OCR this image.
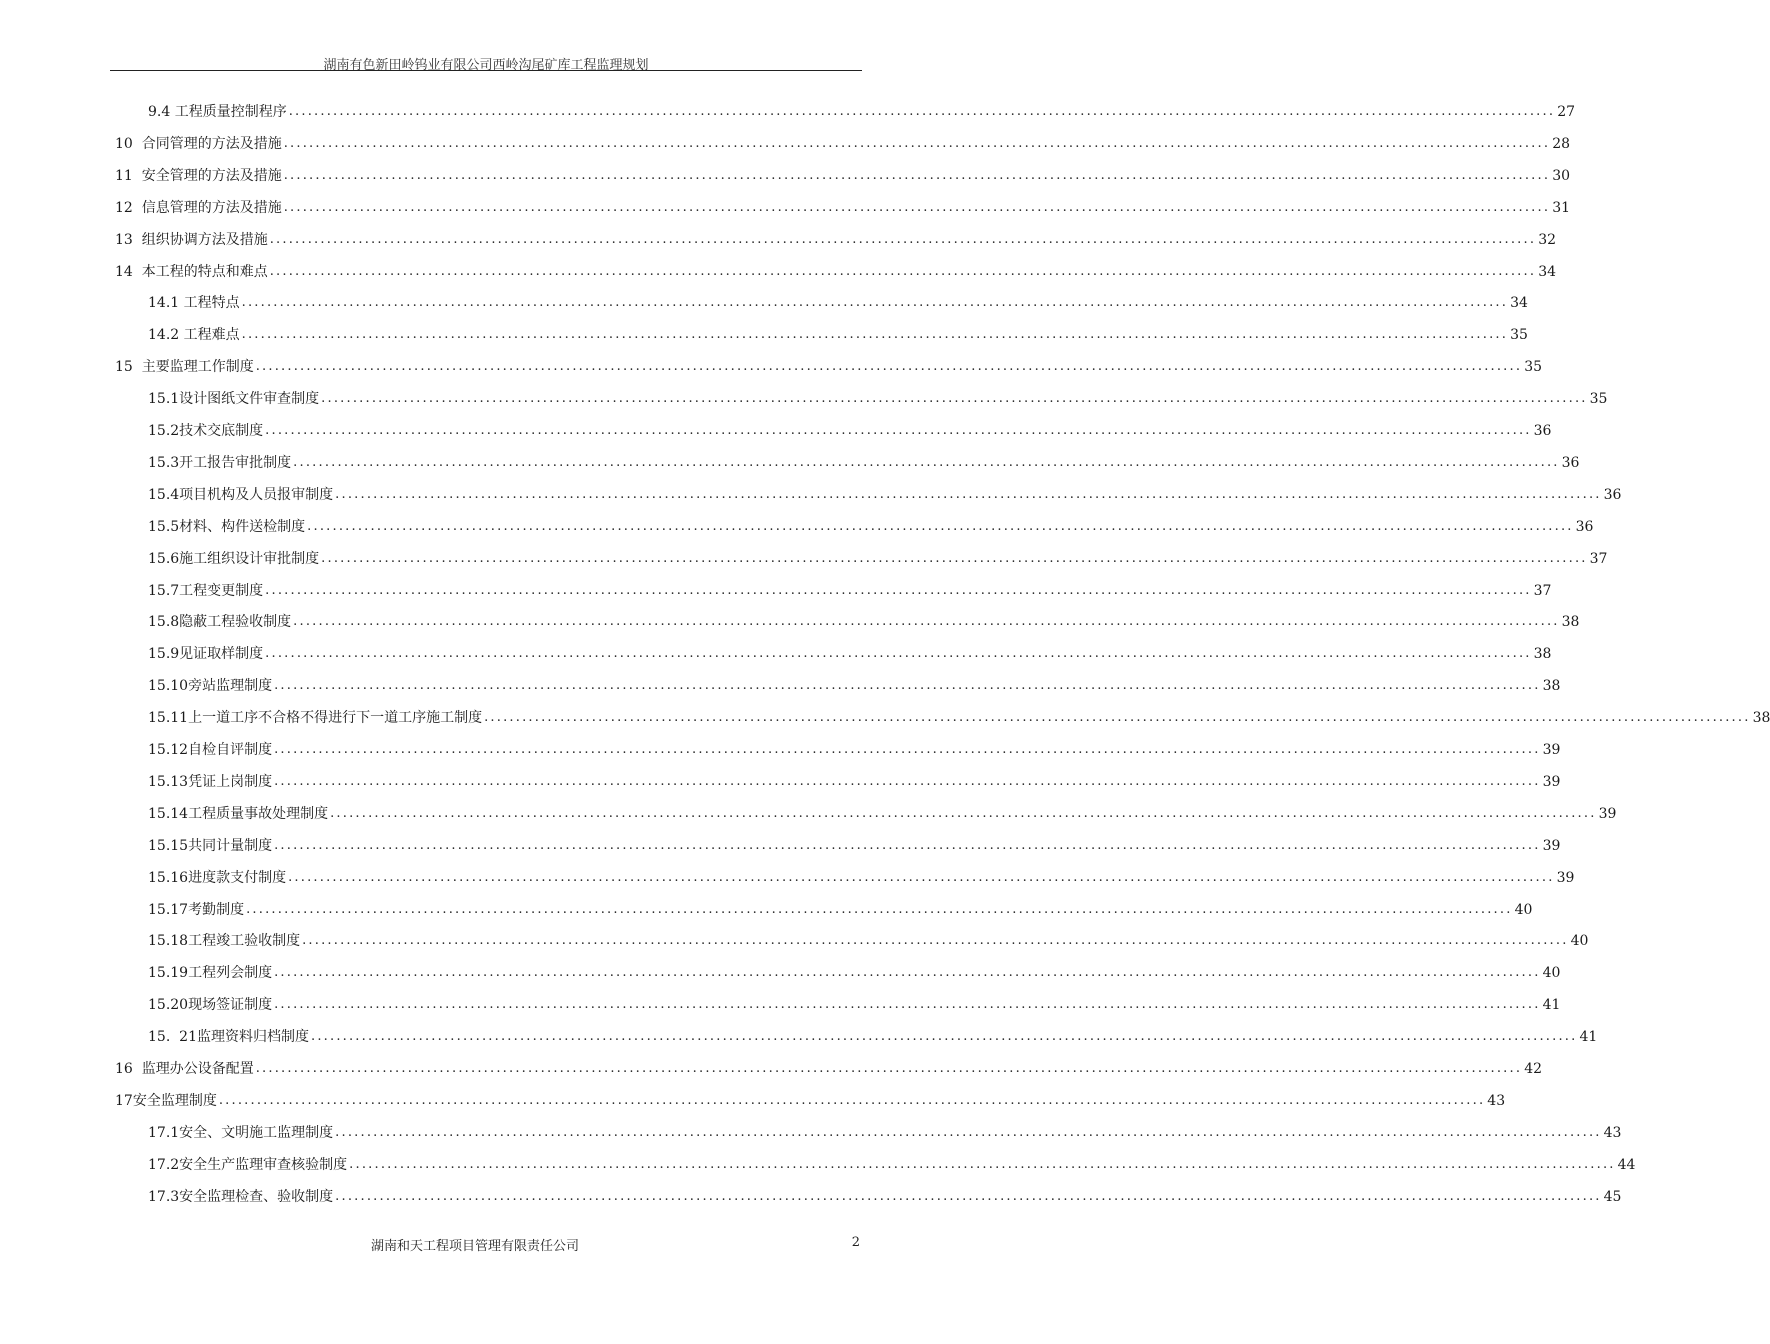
湖南有色新田岭钨业有限公司西岭沟尾矿库工程监理规划
9.4 工程质量控制程序 ........................................................................................................................................................................................................ 27
10 合同管理的方法及措施 ........................................................................................................................................................................................................ 28
11 安全管理的方法及措施 ........................................................................................................................................................................................................ 30
12 信息管理的方法及措施 ........................................................................................................................................................................................................ 31
13 组织协调方法及措施 ........................................................................................................................................................................................................ 32
14 本工程的特点和难点 ........................................................................................................................................................................................................ 34
14.1 工程特点 ........................................................................................................................................................................................................ 34
14.2 工程难点 ........................................................................................................................................................................................................ 35
15 主要监理工作制度 ........................................................................................................................................................................................................ 35
15.1 设计图纸文件审查制度 ........................................................................................................................................................................................................ 35
15.2 技术交底制度 ........................................................................................................................................................................................................ 36
15.3 开工报告审批制度 ........................................................................................................................................................................................................ 36
15.4 项目机构及人员报审制度 ........................................................................................................................................................................................................ 36
15.5 材料、构件送检制度 ........................................................................................................................................................................................................ 36
15.6 施工组织设计审批制度 ........................................................................................................................................................................................................ 37
15.7 工程变更制度 ........................................................................................................................................................................................................ 37
15.8 隐蔽工程验收制度 ........................................................................................................................................................................................................ 38
15.9 见证取样制度 ........................................................................................................................................................................................................ 38
15.10 旁站监理制度 ........................................................................................................................................................................................................ 38
15.11 上一道工序不合格不得进行下一道工序施工制度 ........................................................................................................................................................................................................ 38
15.12 自检自评制度 ........................................................................................................................................................................................................ 39
15.13 凭证上岗制度 ........................................................................................................................................................................................................ 39
15.14 工程质量事故处理制度 ........................................................................................................................................................................................................ 39
15.15 共同计量制度 ........................................................................................................................................................................................................ 39
15.16 进度款支付制度 ........................................................................................................................................................................................................ 39
15.17 考勤制度 ........................................................................................................................................................................................................ 40
15.18 工程竣工验收制度 ........................................................................................................................................................................................................ 40
15.19 工程列会制度 ........................................................................................................................................................................................................ 40
15.20 现场签证制度 ........................................................................................................................................................................................................ 41
15.  21 监理资料归档制度 ........................................................................................................................................................................................................ 41
16 监理办公设备配置 ........................................................................................................................................................................................................ 42
17 安全监理制度 ........................................................................................................................................................................................................ 43
17.1 安全、文明施工监理制度 ........................................................................................................................................................................................................ 43
17.2 安全生产监理审查核验制度 ........................................................................................................................................................................................................ 44
17.3 安全监理检查、验收制度 ........................................................................................................................................................................................................ 45
湖南和天工程项目管理有限责任公司	2
